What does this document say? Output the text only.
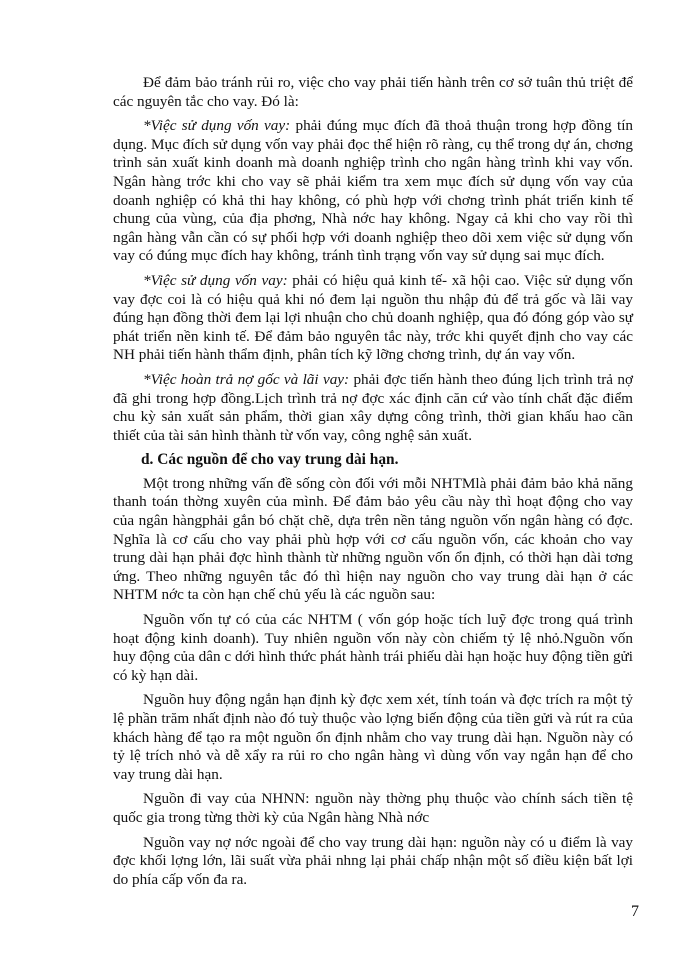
Để đảm bảo tránh rủi ro, việc cho vay phải tiến hành trên cơ sở tuân thủ triệt để các nguyên tắc cho vay. Đó là:

*Việc sử dụng vốn vay: phải đúng mục đích đã thoả thuận trong hợp đồng tín dụng. Mục đích sử dụng vốn vay phải đọc thể hiện rõ ràng, cụ thể trong dự án, chơng trình sản xuất kinh doanh mà doanh nghiệp trình cho ngân hàng trình khi vay vốn. Ngân hàng trớc khi cho vay sẽ phải kiểm tra xem mục đích sử dụng vốn vay của doanh nghiệp có khả thi hay không, có phù hợp với chơng trình phát triển kinh tế chung của vùng, của địa phơng, Nhà nớc hay không. Ngay cả khi cho vay rồi thì ngân hàng vẫn cần có sự phối hợp với doanh nghiệp theo dõi xem việc sử dụng vốn vay có đúng mục đích hay không, tránh tình trạng vốn vay sử dụng sai mục đích.

*Việc sử dụng vốn vay: phải có hiệu quả kinh tế- xã hội cao. Việc sử dụng vốn vay đợc coi là có hiệu quả khi nó đem lại nguồn thu nhập đủ để trả gốc và lãi vay đúng hạn đồng thời đem lại lợi nhuận cho chủ doanh nghiệp, qua đó đóng góp vào sự phát triển nền kinh tế. Để đảm bảo nguyên tắc này, trớc khi quyết định cho vay các NH phải tiến hành thẩm định, phân tích kỹ lỡng chơng trình, dự án vay vốn.

*Việc hoàn trả nợ gốc và lãi vay: phải đợc tiến hành theo đúng lịch trình trả nợ đã ghi trong hợp đồng.Lịch trình trả nợ đợc xác định căn cứ vào tính chất đặc điểm chu kỳ sản xuất sản phẩm, thời gian xây dựng công trình, thời gian khấu hao cần thiết của tài sản hình thành từ vốn vay, công nghệ sản xuất.

d. Các nguồn để cho vay trung dài hạn.

Một trong những vấn đề sống còn đối với mỗi NHTMlà phải đảm bảo khả năng thanh toán thờng xuyên của mình. Để đảm bảo yêu cầu này thì hoạt động cho vay của ngân hàngphải gắn bó chặt chẽ, dựa trên nền tảng nguồn vốn ngân hàng có đợc. Nghĩa là cơ cấu cho vay phải phù hợp với cơ cấu nguồn vốn, các khoản cho vay trung dài hạn phải đợc hình thành từ những nguồn vốn ổn định, có thời hạn dài tơng ứng. Theo những nguyên tắc đó thì hiện nay nguồn cho vay trung dài hạn ở các NHTM nớc ta còn hạn chế chủ yếu là các nguồn sau:

Nguồn vốn tự có của các NHTM ( vốn góp hoặc tích luỹ đợc trong quá trình hoạt động kinh doanh). Tuy nhiên nguồn vốn này còn chiếm tỷ lệ nhỏ.Nguồn vốn huy động của dân c dới hình thức phát hành trái phiếu dài hạn hoặc huy động tiền gửi có kỳ hạn dài.

Nguồn huy động ngắn hạn định kỳ đợc xem xét, tính toán và đợc trích ra một tỷ lệ phần trăm nhất định nào đó tuỳ thuộc vào lợng biến động của tiền gửi và rút ra của khách hàng để tạo ra một nguồn ổn định nhằm cho vay trung dài hạn. Nguồn này có tỷ lệ trích nhỏ và dễ xẩy ra rủi ro cho ngân hàng vì dùng vốn vay ngắn hạn để cho vay trung dài hạn.

Nguồn đi vay của NHNN: nguồn này thờng phụ thuộc vào chính sách tiền tệ quốc gia trong từng thời kỳ của Ngân hàng Nhà nớc

Nguồn vay nợ nớc ngoài để cho vay trung dài hạn: nguồn này có u điểm là vay đợc khối lợng lớn, lãi suất vừa phải nhng lại phải chấp nhận một số điều kiện bất lợi do phía cấp vốn đa ra.

7
